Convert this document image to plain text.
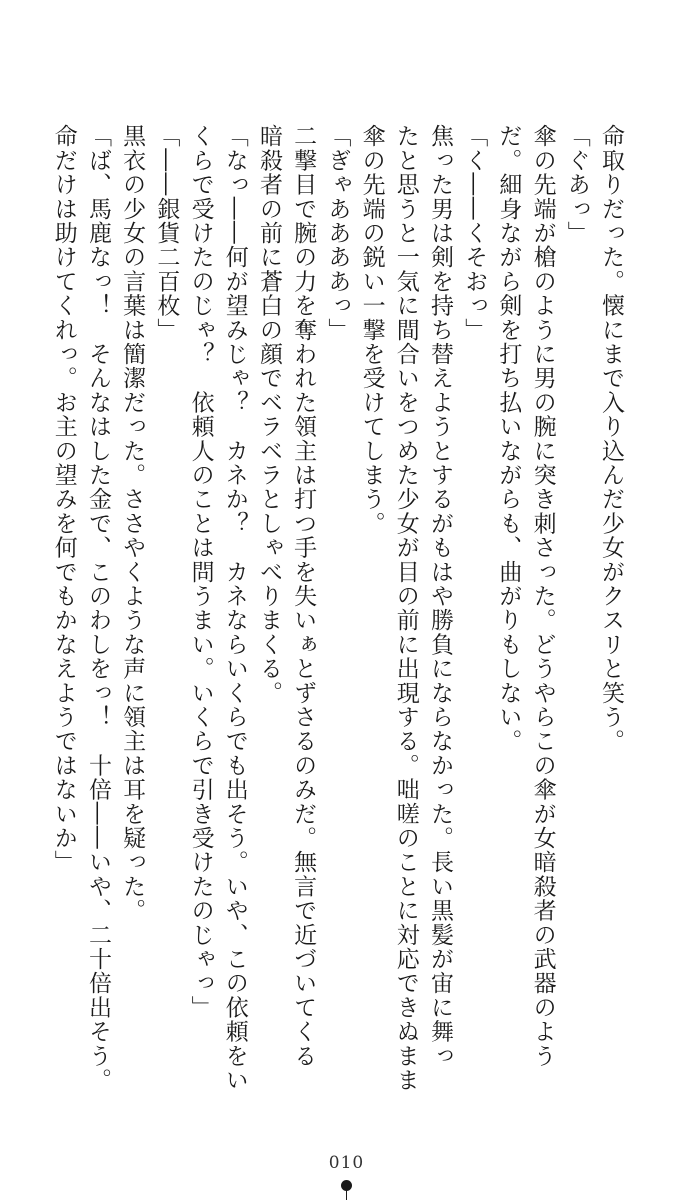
命取りだった。懐にまで入り込んだ少女がクスリと笑う。

「ぐあっ」

傘の先端が槍のように男の腕に突き刺さった。どうやらこの傘が女暗殺者の武器のよう

だ。細身ながら剣を打ち払いながらも、曲がりもしない。

「く――くそおっ」

焦った男は剣を持ち替えようとするがもはや勝負にならなかった。長い黒髪が宙に舞っ

たと思うと一気に間合いをつめた少女が目の前に出現する。咄嗟のことに対応できぬまま

傘の先端の鋭い一撃を受けてしまう。

「ぎゃああああっ」

二撃目で腕の力を奪われた領主は打つ手を失いぁとずさるのみだ。無言で近づいてくる

暗殺者の前に蒼白の顔でベラベラとしゃべりまくる。

「なっ――何が望みじゃ？　カネか？　カネならいくらでも出そう。いや、この依頼をい

くらで受けたのじゃ？　依頼人のことは問うまい。いくらで引き受けたのじゃっ」

「――銀貨二百枚」

黒衣の少女の言葉は簡潔だった。ささやくような声に領主は耳を疑った。

「ば、馬鹿なっ！　そんなはした金で、このわしをっ！　十倍――いや、二十倍出そう。

命だけは助けてくれっ。お主の望みを何でもかなえようではないか」

010
